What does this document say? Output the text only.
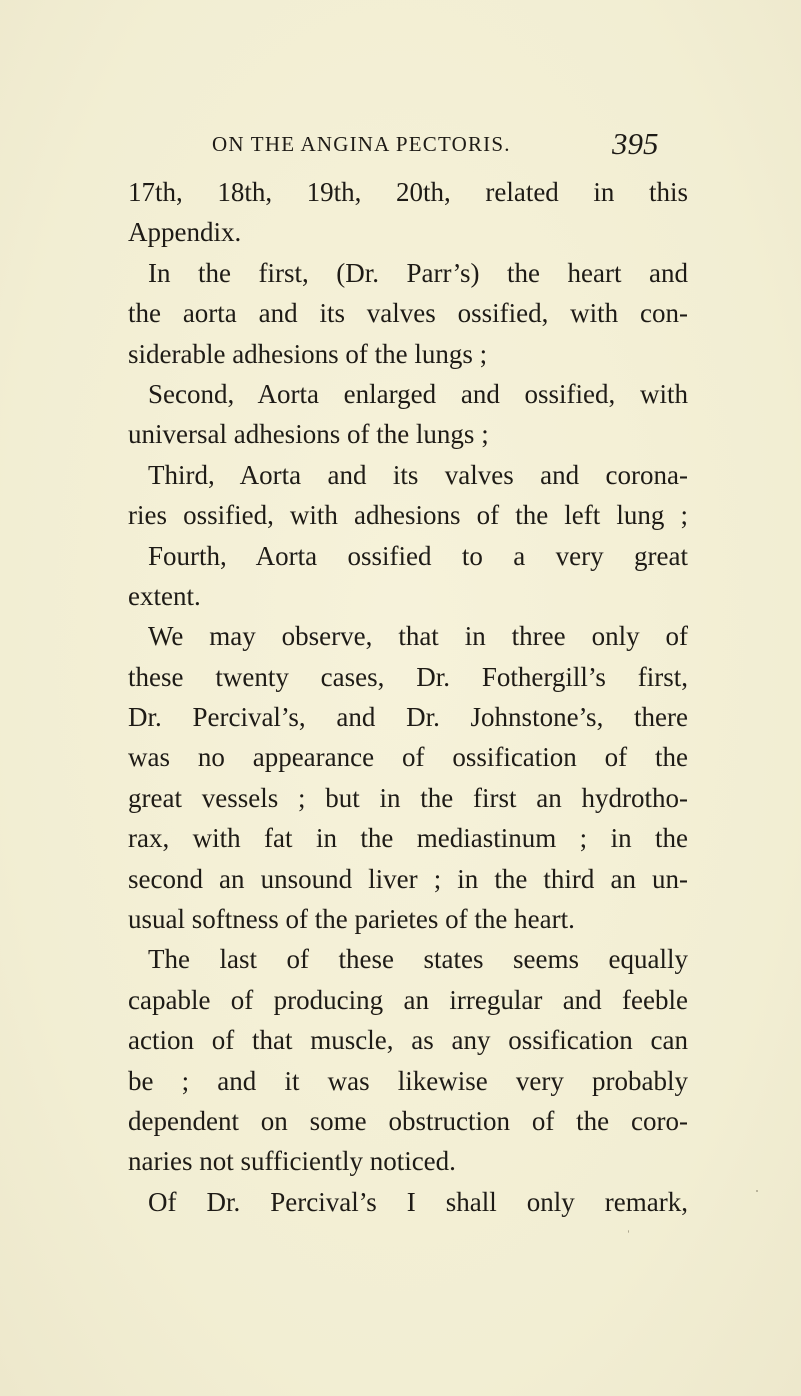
ON THE ANGINA PECTORIS.	395
17th, 18th, 19th, 20th, related in this
Appendix.
In the first, (Dr. Parr’s) the heart and
the aorta and its valves ossified, with con-
siderable adhesions of the lungs ;
Second, Aorta enlarged and ossified, with
universal adhesions of the lungs ;
Third, Aorta and its valves and corona-
ries ossified, with adhesions of the left lung ;
Fourth, Aorta ossified to a very great
extent.
We may observe, that in three only of
these twenty cases, Dr. Fothergill’s first,
Dr. Percival’s, and Dr. Johnstone’s, there
was no appearance of ossification of the
great vessels ; but in the first an hydrotho-
rax, with fat in the mediastinum ; in the
second an unsound liver ; in the third an un-
usual softness of the parietes of the heart.
The last of these states seems equally
capable of producing an irregular and feeble
action of that muscle, as any ossification can
be ; and it was likewise very probably
dependent on some obstruction of the coro-
naries not sufficiently noticed.
Of Dr. Percival’s I shall only remark,
